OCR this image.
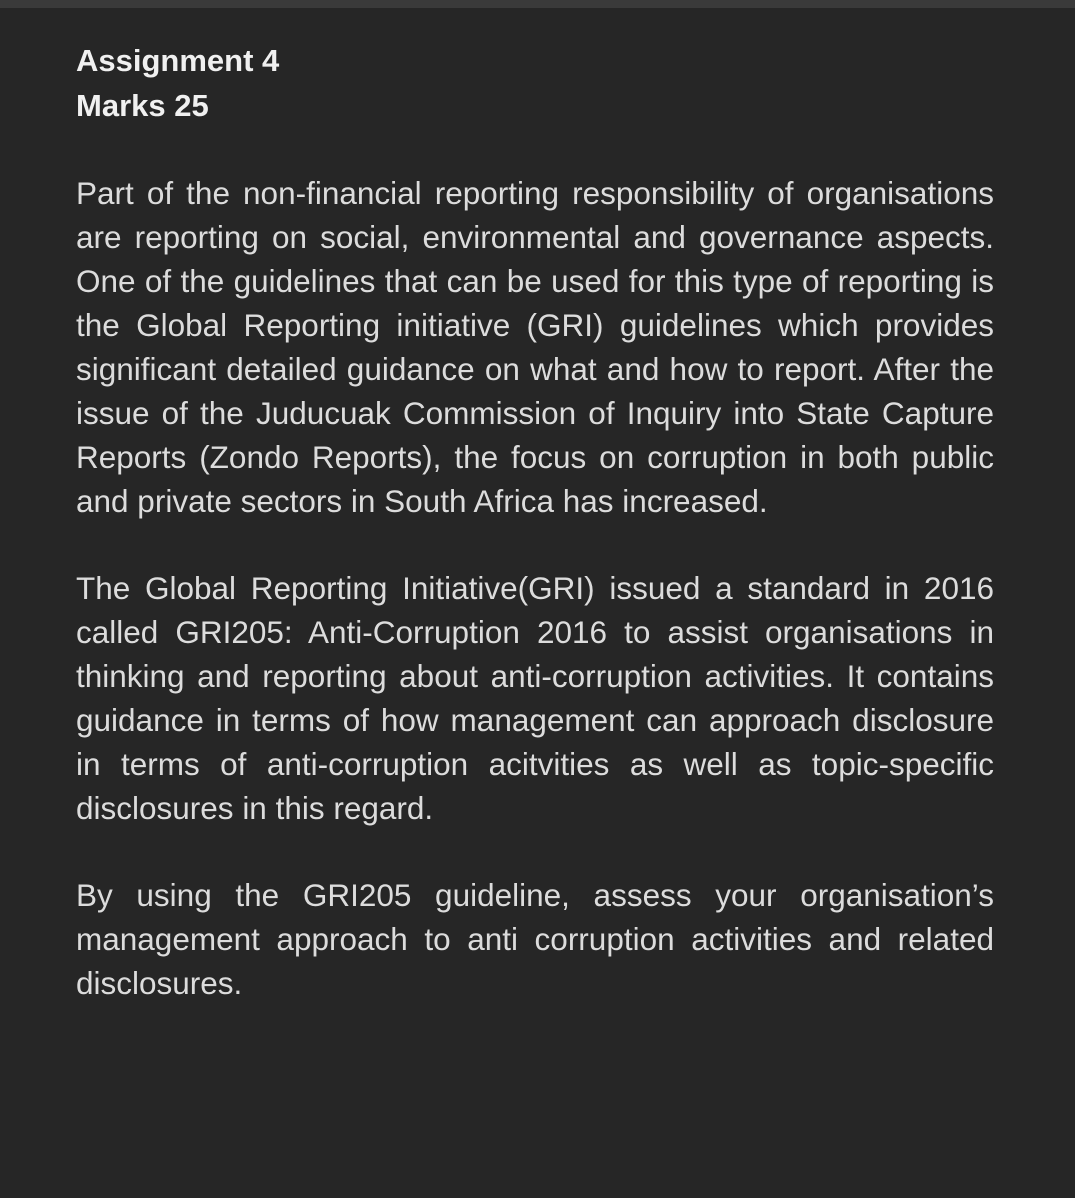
Assignment 4
Marks 25

Part of the non-financial reporting responsibility of organisations are reporting on social, environmental and governance aspects. One of the guidelines that can be used for this type of reporting is the Global Reporting initiative (GRI) guidelines which provides significant detailed guidance on what and how to report. After the issue of the Juducuak Commission of Inquiry into State Capture Reports (Zondo Reports), the focus on corruption in both public and private sectors in South Africa has increased.

The Global Reporting Initiative(GRI) issued a standard in 2016 called GRI205: Anti-Corruption 2016 to assist organisations in thinking and reporting about anti-corruption activities. It contains guidance in terms of how management can approach disclosure in terms of anti-corruption acitvities as well as topic-specific disclosures in this regard.

By using the GRI205 guideline, assess your organisation’s management approach to anti corruption activities and related disclosures.
